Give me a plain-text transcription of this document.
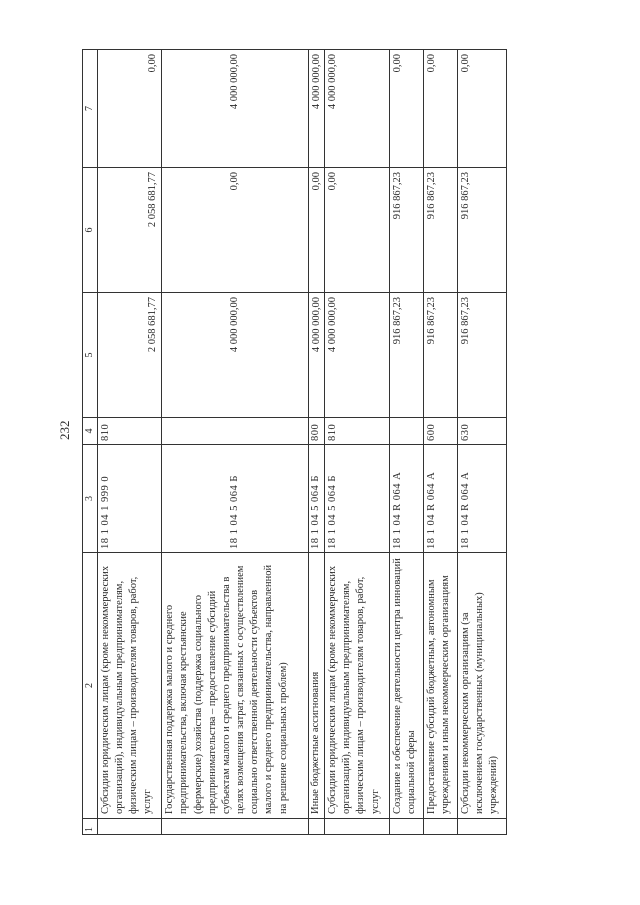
232
1	2	3	4	5	6	7
	Субсидии юридическим лицам (кроме некоммерческих организаций), индивидуальным предпринимателям, физическим лицам – производителям товаров, работ, услуг	18 1 04 1 999 0	810	2 058 681,77	2 058 681,77	0,00
	Государственная поддержка малого и среднего предпринимательства, включая крестьянские (фермерские) хозяйства (поддержка социального предпринимательства – предоставление субсидий субъектам малого и среднего предпринимательства в целях возмещения затрат, связанных с осуществлением социально ответственной деятельности субъектов малого и среднего предпринимательства, направленной на решение социальных проблем)	18 1 04 5 064 Б		4 000 000,00	0,00	4 000 000,00
	Иные бюджетные ассигнования	18 1 04 5 064 Б	800	4 000 000,00	0,00	4 000 000,00
	Субсидии юридическим лицам (кроме некоммерческих организаций), индивидуальным предпринимателям, физическим лицам – производителям товаров, работ, услуг	18 1 04 5 064 Б	810	4 000 000,00	0,00	4 000 000,00
	Создание и обеспечение деятельности центра инноваций социальной сферы	18 1 04 R 064 А		916 867,23	916 867,23	0,00
	Предоставление субсидий бюджетным, автономным учреждениям и иным некоммерческим организациям	18 1 04 R 064 А	600	916 867,23	916 867,23	0,00
	Субсидии некоммерческим организациям (за исключением государственных (муниципальных) учреждений)	18 1 04 R 064 А	630	916 867,23	916 867,23	0,00
